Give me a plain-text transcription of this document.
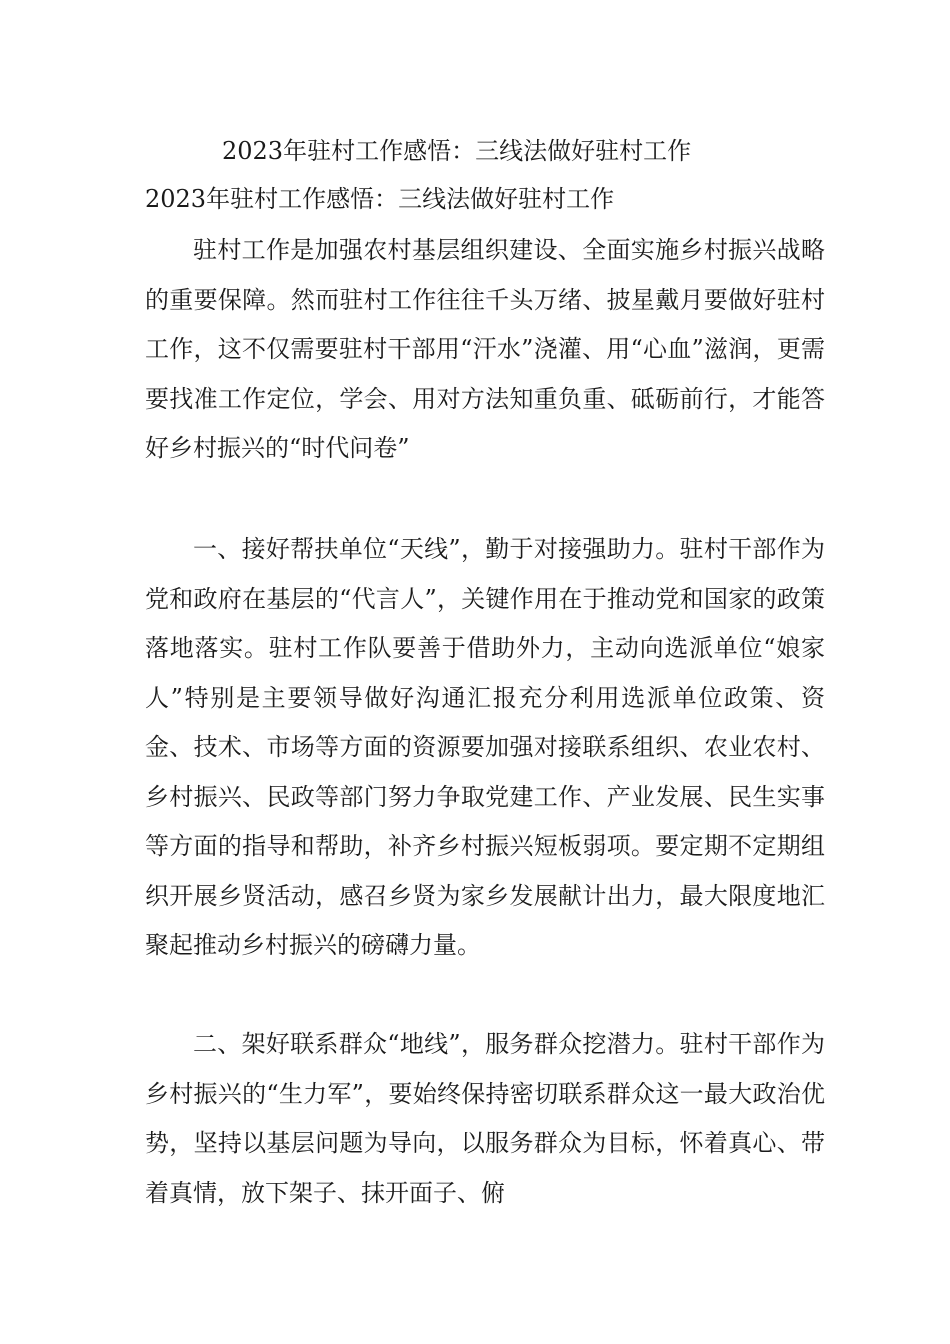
2023年驻村工作感悟：三线法做好驻村工作
2023年驻村工作感悟：三线法做好驻村工作

驻村工作是加强农村基层组织建设、全面实施乡村振兴战略的重要保障。然而驻村工作往往千头万绪、披星戴月要做好驻村工作，这不仅需要驻村干部用“汗水”浇灌、用“心血”滋润，更需要找准工作定位，学会、用对方法知重负重、砥砺前行，才能答好乡村振兴的“时代问卷”

一、接好帮扶单位“天线”，勤于对接强助力。驻村干部作为党和政府在基层的“代言人”，关键作用在于推动党和国家的政策落地落实。驻村工作队要善于借助外力，主动向选派单位“娘家人”特别是主要领导做好沟通汇报充分利用选派单位政策、资金、技术、市场等方面的资源要加强对接联系组织、农业农村、乡村振兴、民政等部门努力争取党建工作、产业发展、民生实事等方面的指导和帮助，补齐乡村振兴短板弱项。要定期不定期组织开展乡贤活动，感召乡贤为家乡发展献计出力，最大限度地汇聚起推动乡村振兴的磅礴力量。

二、架好联系群众“地线”，服务群众挖潜力。驻村干部作为乡村振兴的“生力军”，要始终保持密切联系群众这一最大政治优势，坚持以基层问题为导向，以服务群众为目标，怀着真心、带着真情，放下架子、抹开面子、俯
